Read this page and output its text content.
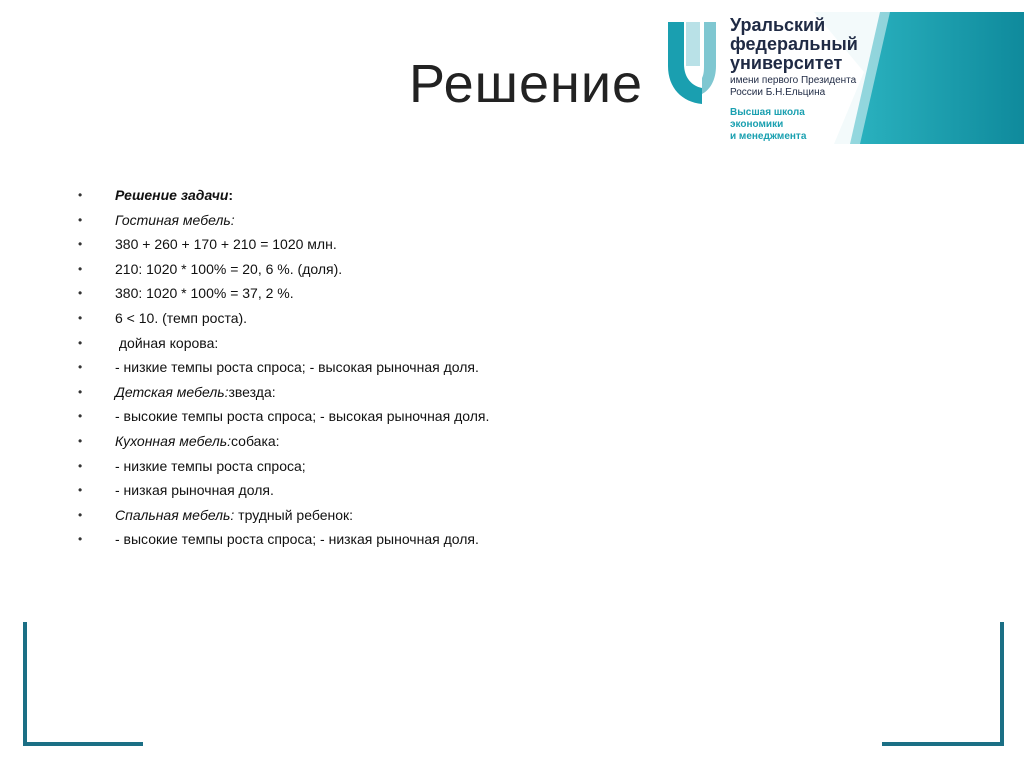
Решение
Уральский
федеральный
университет
имени первого Президента
России Б.Н.Ельцина
Высшая школа
экономики
и менеджмента
• Решение задачи:
• Гостиная мебель:
• 380 + 260 + 170 + 210 = 1020 млн.
• 210: 1020 * 100% = 20, 6 %. (доля).
• 380: 1020 * 100% = 37, 2 %.
• 6 < 10. (темп роста).
• дойная корова:
• - низкие темпы роста спроса; - высокая рыночная доля.
• Детская мебель:звезда:
• - высокие темпы роста спроса; - высокая рыночная доля.
• Кухонная мебель:собака:
• - низкие темпы роста спроса;
• - низкая рыночная доля.
• Спальная мебель: трудный ребенок:
• - высокие темпы роста спроса; - низкая рыночная доля.
